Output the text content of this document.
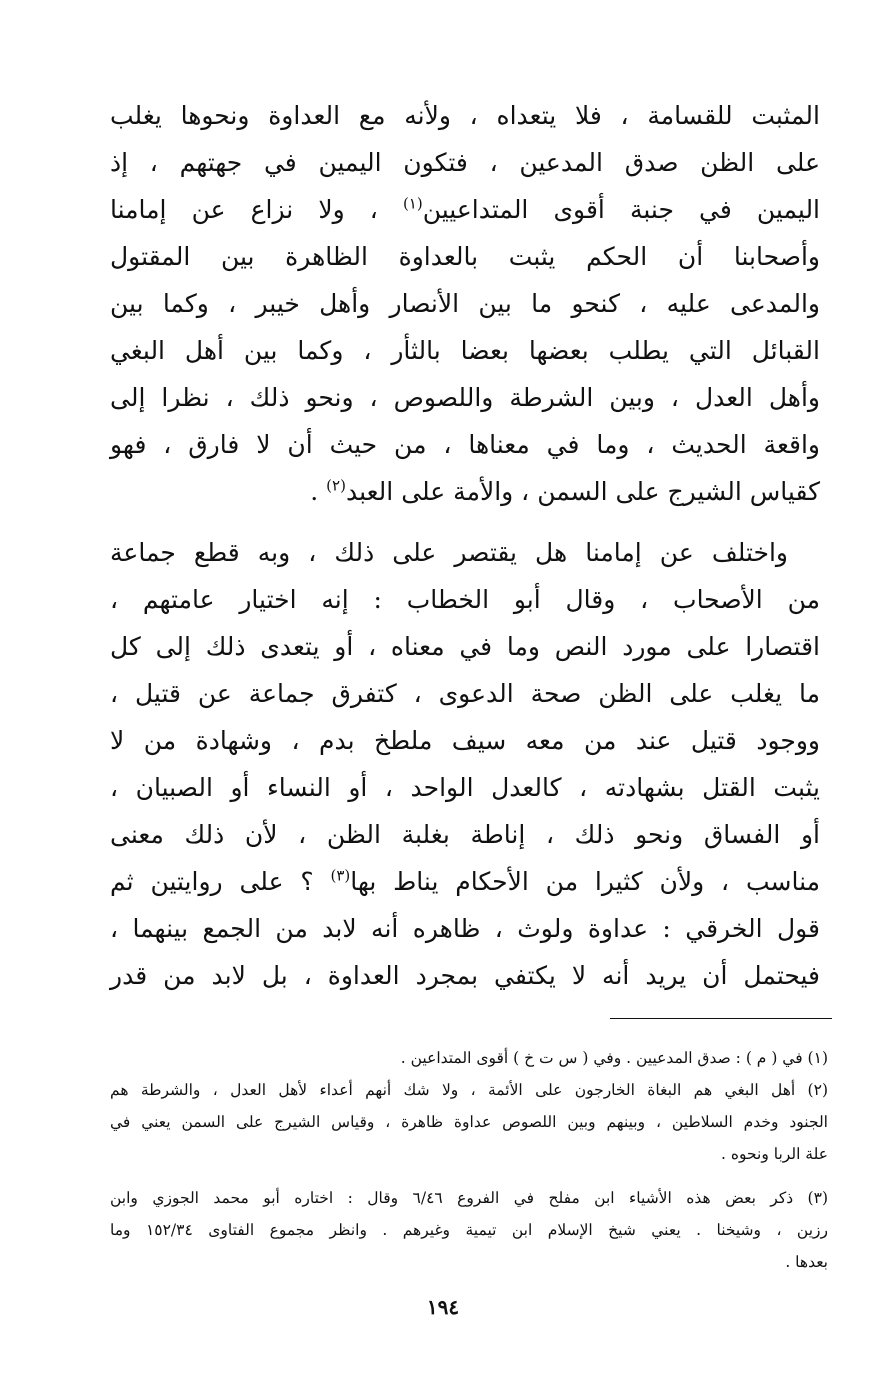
المثبت للقسامة ، فلا يتعداه ، ولأنه مع العداوة ونحوها يغلب
على الظن صدق المدعين ، فتكون اليمين في جهتهم ، إذ
اليمين في جنبة أقوى المتداعيين$^{(١)}$ ، ولا نزاع عن إمامنا
وأصحابنا أن الحكم يثبت بالعداوة الظاهرة بين المقتول
والمدعى عليه ، كنحو ما بين الأنصار وأهل خيبر ، وكما بين
القبائل التي يطلب بعضها بعضا بالثأر ، وكما بين أهل البغي
وأهل العدل ، وبين الشرطة واللصوص ، ونحو ذلك ، نظرا إلى
واقعة الحديث ، وما في معناها ، من حيث أن لا فارق ، فهو
كقياس الشيرج على السمن ، والأمة على العبد$^{(٢)}$ .
واختلف عن إمامنا هل يقتصر على ذلك ، وبه قطع جماعة
من الأصحاب ، وقال أبو الخطاب : إنه اختيار عامتهم ،
اقتصارا على مورد النص وما في معناه ، أو يتعدى ذلك إلى كل
ما يغلب على الظن صحة الدعوى ، كتفرق جماعة عن قتيل ،
ووجود قتيل عند من معه سيف ملطخ بدم ، وشهادة من لا
يثبت القتل بشهادته ، كالعدل الواحد ، أو النساء أو الصبيان ،
أو الفساق ونحو ذلك ، إناطة بغلبة الظن ، لأن ذلك معنى
مناسب ، ولأن كثيرا من الأحكام يناط بها$^{(٣)}$ ؟ على روايتين ثم
قول الخرقي : عداوة ولوث ، ظاهره أنه لابد من الجمع بينهما ،
فيحتمل أن يريد أنه لا يكتفي بمجرد العداوة ، بل لابد من قدر
(١) في ( م ) : صدق المدعيين . وفي ( س ت خ ) أقوى المتداعين .
(٢) أهل البغي هم البغاة الخارجون على الأئمة ، ولا شك أنهم أعداء لأهل العدل ، والشرطة هم
الجنود وخدم السلاطين ، وبينهم وبين اللصوص عداوة ظاهرة ، وقياس الشيرج على السمن يعني في
علة الربا ونحوه .
(٣) ذكر بعض هذه الأشياء ابن مفلح في الفروع ٦/٤٦ وقال : اختاره أبو محمد الجوزي وابن
رزين ، وشيخنا . يعني شيخ الإسلام ابن تيمية وغيرهم . وانظر مجموع الفتاوى ١٥٢/٣٤ وما
بعدها .
١٩٤
